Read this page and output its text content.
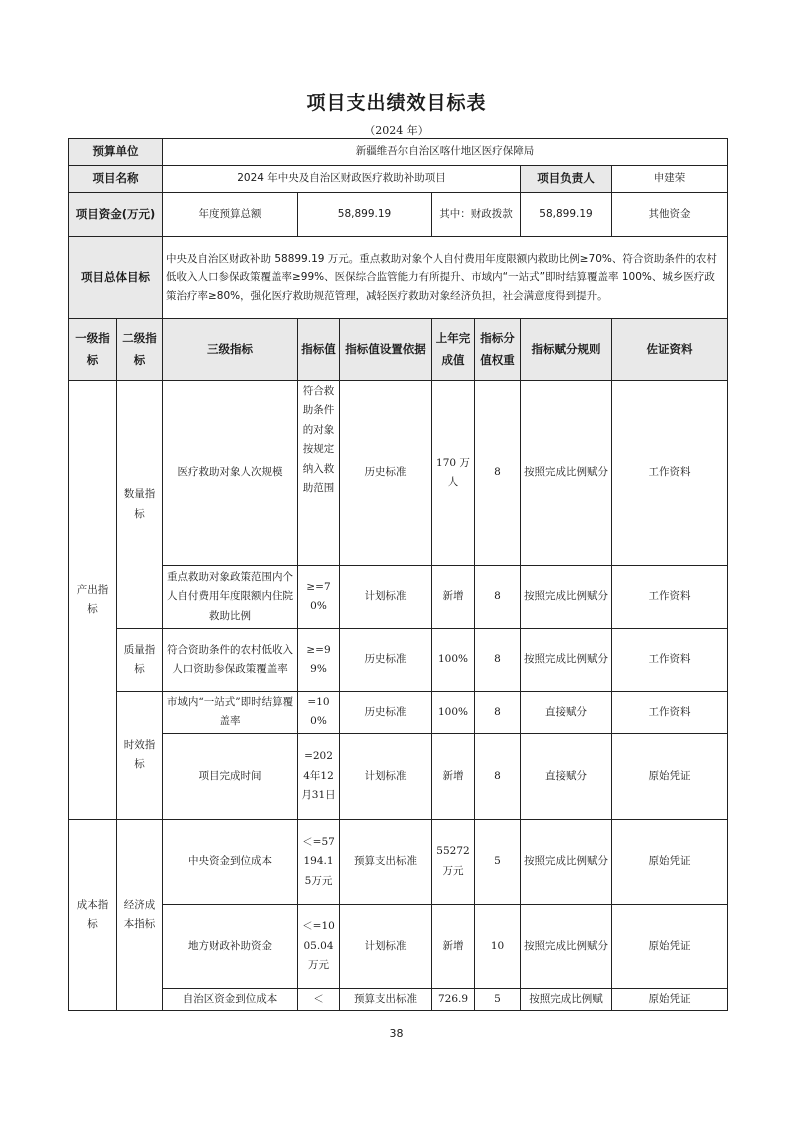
项目支出绩效目标表
（2024 年）
预算单位		新疆维吾尔自治区喀什地区医疗保障局						
项目名称		2024 年中央及自治区财政医疗救助补助项目					项目负责人	申建荣
项目资金(万元)		年度预算总额	58,899.19		其中：财政拨款		58,899.19	其他资金
项目总体目标		中央及自治区财政补助 58899.19 万元。重点救助对象个人自付费用年度限额内救助比例≥70%、符合资助条件的农村低收入人口参保政策覆盖率≥99%、医保综合监管能力有所提升、市域内“一站式”即时结算覆盖率 100%、城乡医疗政策治疗率≥80%，强化医疗救助规范管理，减轻医疗救助对象经济负担，社会满意度得到提升。						
一级指标	二级指标	三级指标	指标值	指标值设置依据	上年完成值	指标分值权重	指标赋分规则	佐证资料
产出指标	数量指标	医疗救助对象人次规模	符合救助条件的对象按规定纳入救助范围	历史标准	170 万人	8	按照完成比例赋分	工作资料
		重点救助对象政策范围内个人自付费用年度限额内住院救助比例	≥=70%	计划标准	新增	8	按照完成比例赋分	工作资料
	质量指标	符合资助条件的农村低收入人口资助参保政策覆盖率	≥=99%	历史标准	100%	8	按照完成比例赋分	工作资料
	时效指标	市域内“一站式”即时结算覆盖率	=100%	历史标准	100%	8	直接赋分	工作资料
		项目完成时间	=2024年12月31日	计划标准	新增	8	直接赋分	原始凭证
成本指标	经济成本指标	中央资金到位成本	＜=57194.15万元	预算支出标准	55272万元	5	按照完成比例赋分	原始凭证
		地方财政补助资金	＜=1005.04万元	计划标准	新增	10	按照完成比例赋分	原始凭证
		自治区资金到位成本	＜	预算支出标准	726.9	5	按照完成比例赋	原始凭证
38
